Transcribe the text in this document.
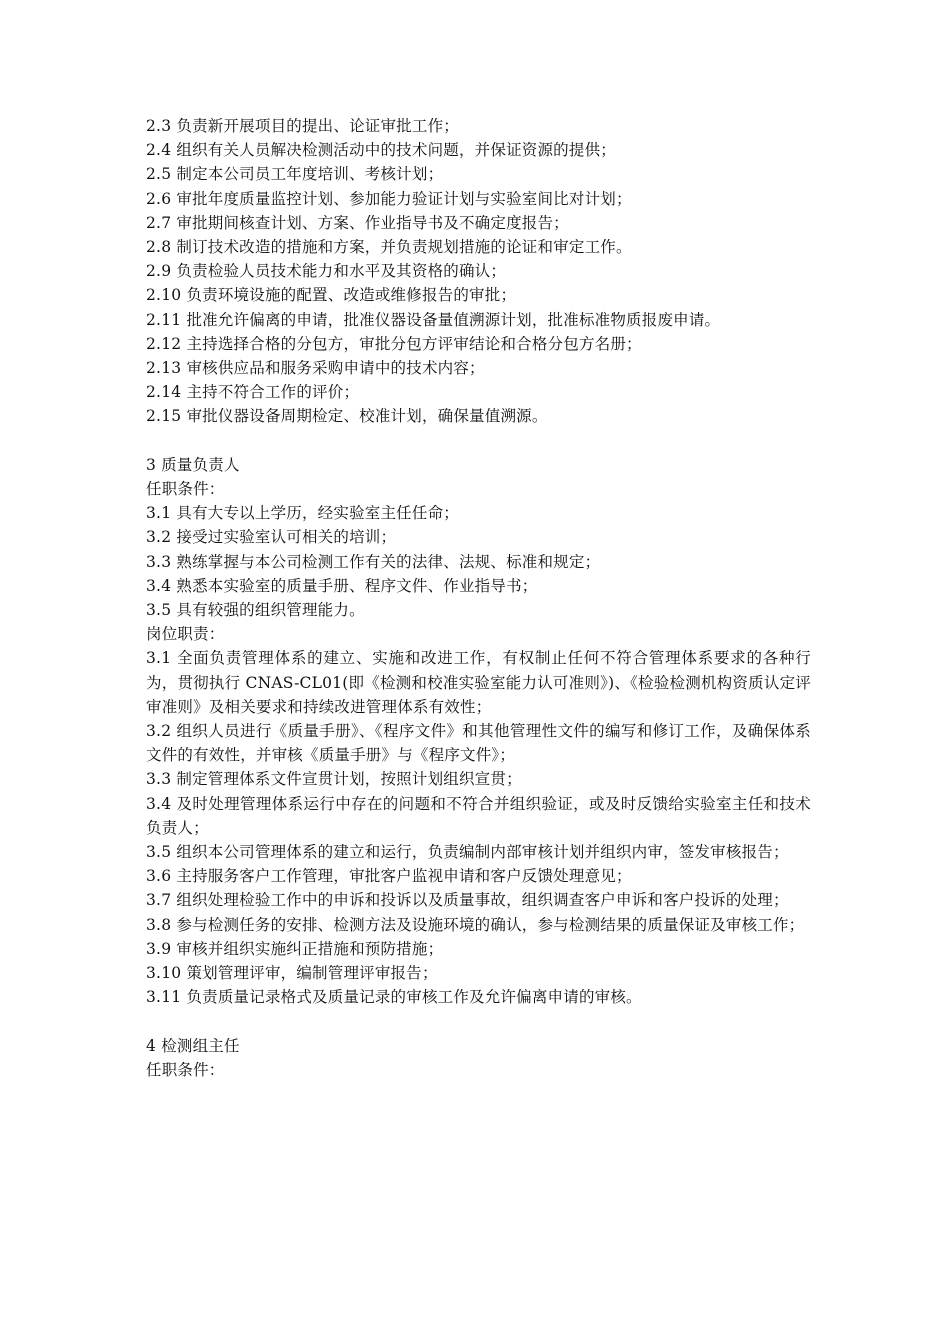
2.3 负责新开展项目的提出、论证审批工作；
2.4 组织有关人员解决检测活动中的技术问题，并保证资源的提供；
2.5 制定本公司员工年度培训、考核计划；
2.6 审批年度质量监控计划、参加能力验证计划与实验室间比对计划；
2.7 审批期间核查计划、方案、作业指导书及不确定度报告；
2.8 制订技术改造的措施和方案，并负责规划措施的论证和审定工作。
2.9 负责检验人员技术能力和水平及其资格的确认；
2.10 负责环境设施的配置、改造或维修报告的审批；
2.11 批准允许偏离的申请，批准仪器设备量值溯源计划，批准标准物质报废申请。
2.12 主持选择合格的分包方，审批分包方评审结论和合格分包方名册；
2.13 审核供应品和服务采购申请中的技术内容；
2.14 主持不符合工作的评价；
2.15 审批仪器设备周期检定、校准计划，确保量值溯源。
3 质量负责人
任职条件：
3.1 具有大专以上学历，经实验室主任任命；
3.2 接受过实验室认可相关的培训；
3.3 熟练掌握与本公司检测工作有关的法律、法规、标准和规定；
3.4 熟悉本实验室的质量手册、程序文件、作业指导书；
3.5 具有较强的组织管理能力。
岗位职责：
3.1 全面负责管理体系的建立、实施和改进工作，有权制止任何不符合管理体系要求的各种行为，贯彻执行 CNAS-CL01(即《检测和校准实验室能力认可准则》)、《检验检测机构资质认定评审准则》及相关要求和持续改进管理体系有效性；
3.2 组织人员进行《质量手册》、《程序文件》和其他管理性文件的编写和修订工作，及确保体系文件的有效性，并审核《质量手册》与《程序文件》；
3.3 制定管理体系文件宣贯计划，按照计划组织宣贯；
3.4 及时处理管理体系运行中存在的问题和不符合并组织验证，或及时反馈给实验室主任和技术负责人；
3.5 组织本公司管理体系的建立和运行，负责编制内部审核计划并组织内审，签发审核报告；
3.6 主持服务客户工作管理，审批客户监视申请和客户反馈处理意见；
3.7 组织处理检验工作中的申诉和投诉以及质量事故，组织调查客户申诉和客户投诉的处理；
3.8 参与检测任务的安排、检测方法及设施环境的确认，参与检测结果的质量保证及审核工作；
3.9 审核并组织实施纠正措施和预防措施；
3.10 策划管理评审，编制管理评审报告；
3.11 负责质量记录格式及质量记录的审核工作及允许偏离申请的审核。
4 检测组主任
任职条件：
